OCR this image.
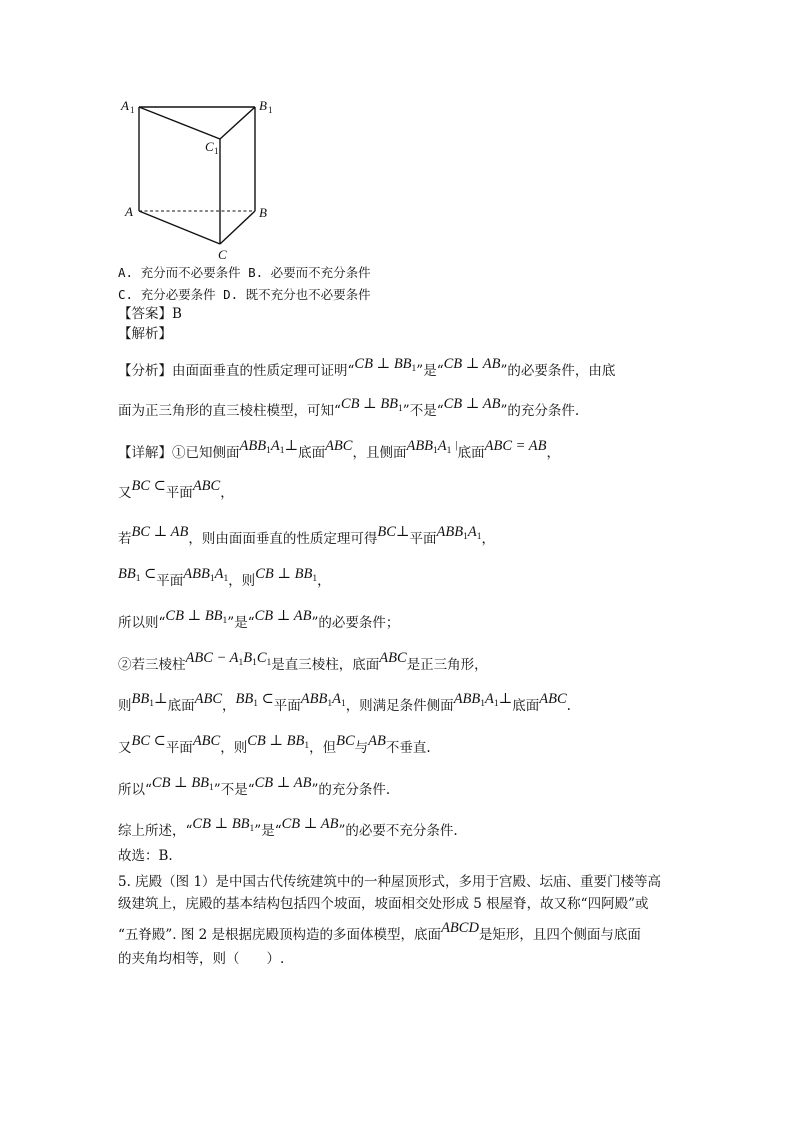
A 1	B 1
C 1
A	B
C
A. 充分而不必要条件 B. 必要而不充分条件
C. 充分必要条件 D. 既不充分也不必要条件
【答案】B
【解析】
【分析】由面面垂直的性质定理可证明“CB ⊥ $BB_1$”是“CB ⊥ AB”的必要条件，由底
面为正三角形的直三棱柱模型，可知“CB ⊥ $BB_1$”不是“CB ⊥ AB”的充分条件.
【详解】①已知侧面$ABB_1A_1\perp$底面ABC，且侧面$ABB_1A_1$ |底面ABC = AB，
又BC ⊂平面ABC，
若BC ⊥ AB，则由面面垂直的性质定理可得BC⊥平面$ABB_1A_1$，
$BB_1$ ⊂平面$ABB_1A_1$，则CB ⊥ $BB_1$，
所以则“CB ⊥ $BB_1$”是“CB ⊥ AB”的必要条件；
②若三棱柱ABC − $A_1B_1C_1$是直三棱柱，底面ABC是正三角形，
则$BB_1\perp$底面ABC，$BB_1$ ⊂平面$ABB_1A_1$，则满足条件侧面$ABB_1A_1\perp$底面ABC.
又BC ⊂平面ABC，则CB ⊥ $BB_1$，但BC与AB不垂直.
所以“CB ⊥ $BB_1$”不是“CB ⊥ AB”的充分条件.
综上所述，“CB ⊥ $BB_1$”是“CB ⊥ AB”的必要不充分条件.
故选：B.
5. 庑殿（图 1）是中国古代传统建筑中的一种屋顶形式，多用于宫殿、坛庙、重要门楼等高
级建筑上，庑殿的基本结构包括四个坡面，坡面相交处形成 5 根屋脊，故又称“四阿殿”或
“五脊殿”. 图 2 是根据庑殿顶构造的多面体模型，底面ABCD是矩形，且四个侧面与底面
的夹角均相等，则（　　）.
